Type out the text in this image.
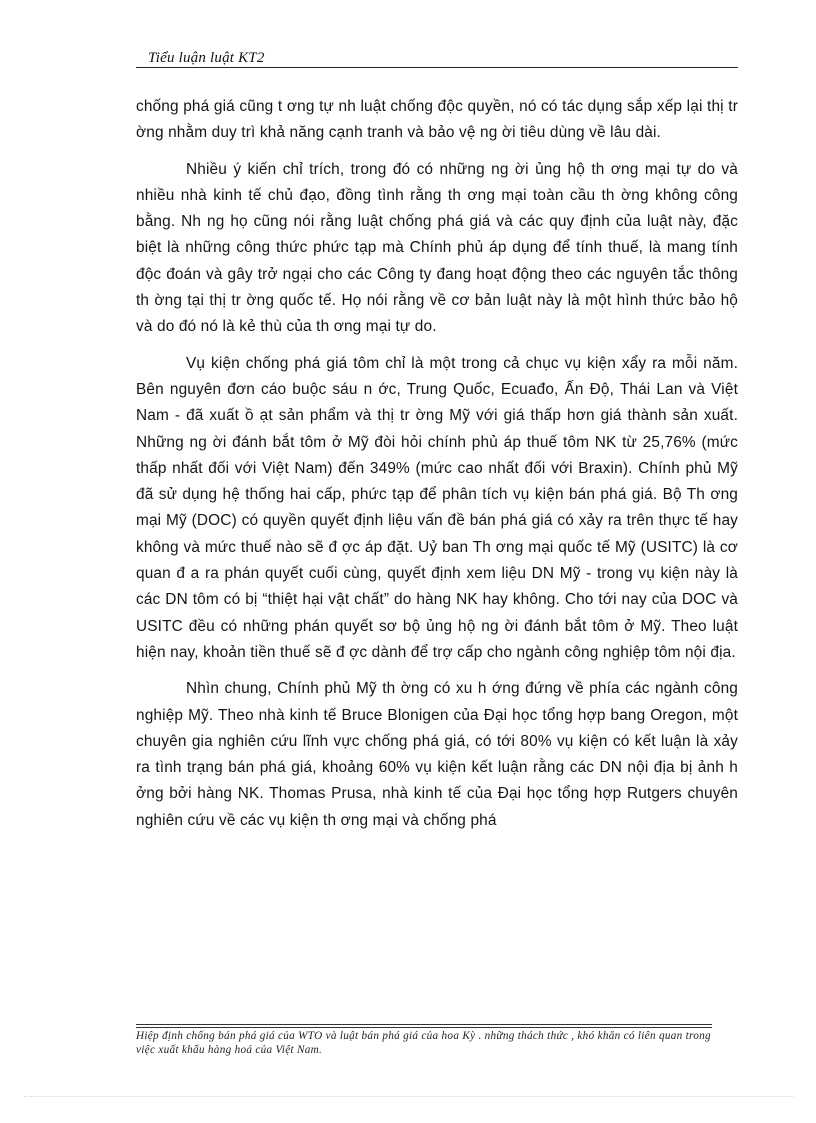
Tiểu luận luật KT2

chống phá giá cũng t ơng tự nh luật chống độc quyền, nó có tác dụng sắp xếp lại thị tr ờng nhằm duy trì khả năng cạnh tranh và bảo vệ ng ời tiêu dùng về lâu dài.

Nhiều ý kiến chỉ trích, trong đó có những ng ời ủng hộ th ơng mại tự do và nhiều nhà kinh tế chủ đạo, đồng tình rằng th ơng mại toàn cầu th ờng không công bằng. Nh ng họ cũng nói rằng luật chống phá giá và các quy định của luật này, đặc biệt là những công thức phức tạp mà Chính phủ áp dụng để tính thuế, là mang tính độc đoán và gây trở ngại cho các Công ty đang hoạt động theo các nguyên tắc thông th ờng tại thị tr ờng quốc tế. Họ nói rằng về cơ bản luật này là một hình thức bảo hộ và do đó nó là kẻ thù của th ơng mại tự do.

Vụ kiện chống phá giá tôm chỉ là một trong cả chục vụ kiện xẩy ra mỗi năm. Bên nguyên đơn cáo buộc sáu n ớc, Trung Quốc, Ecuađo, Ấn Độ, Thái Lan và Việt Nam - đã xuất ồ ạt sản phẩm và thị tr ờng Mỹ với giá thấp hơn giá thành sản xuất. Những ng ời đánh bắt tôm ở Mỹ đòi hỏi chính phủ áp thuế tôm NK từ 25,76% (mức thấp nhất đối với Việt Nam) đến 349% (mức cao nhất đối với Braxin). Chính phủ Mỹ đã sử dụng hệ thống hai cấp, phức tạp để phân tích vụ kiện bán phá giá. Bộ Th ơng mại Mỹ (DOC) có quyền quyết định liệu vấn đề bán phá giá có xảy ra trên thực tế hay không và mức thuế nào sẽ đ ợc áp đặt. Uỷ ban Th ơng mại quốc tế Mỹ (USITC) là cơ quan đ a ra phán quyết cuối cùng, quyết định xem liệu DN Mỹ - trong vụ kiện này là các DN tôm có bị “thiệt hại vật chất” do hàng NK hay không. Cho tới nay của DOC và USITC đều có những phán quyết sơ bộ ủng hộ ng ời đánh bắt tôm ở Mỹ. Theo luật hiện nay, khoản tiền thuế sẽ đ ợc dành để trợ cấp cho ngành công nghiệp tôm nội địa.

Nhìn chung, Chính phủ Mỹ th ờng có xu h ớng đứng về phía các ngành công nghiệp Mỹ. Theo nhà kinh tế Bruce Blonigen của Đại học tổng hợp bang Oregon, một chuyên gia nghiên cứu lĩnh vực chống phá giá, có tới 80% vụ kiện có kết luận là xảy ra tình trạng bán phá giá, khoảng 60% vụ kiện kết luận rằng các DN nội địa bị ảnh h ởng bởi hàng NK. Thomas Prusa, nhà kinh tế của Đại học tổng hợp Rutgers chuyên nghiên cứu về các vụ kiện th ơng mại và chống phá

Hiệp định chống bán phá giá của WTO và luật bán phá giá của hoa Kỳ . những thách thức , khó khăn có liên quan trong việc xuất khẩu hàng hoá của Việt Nam.
